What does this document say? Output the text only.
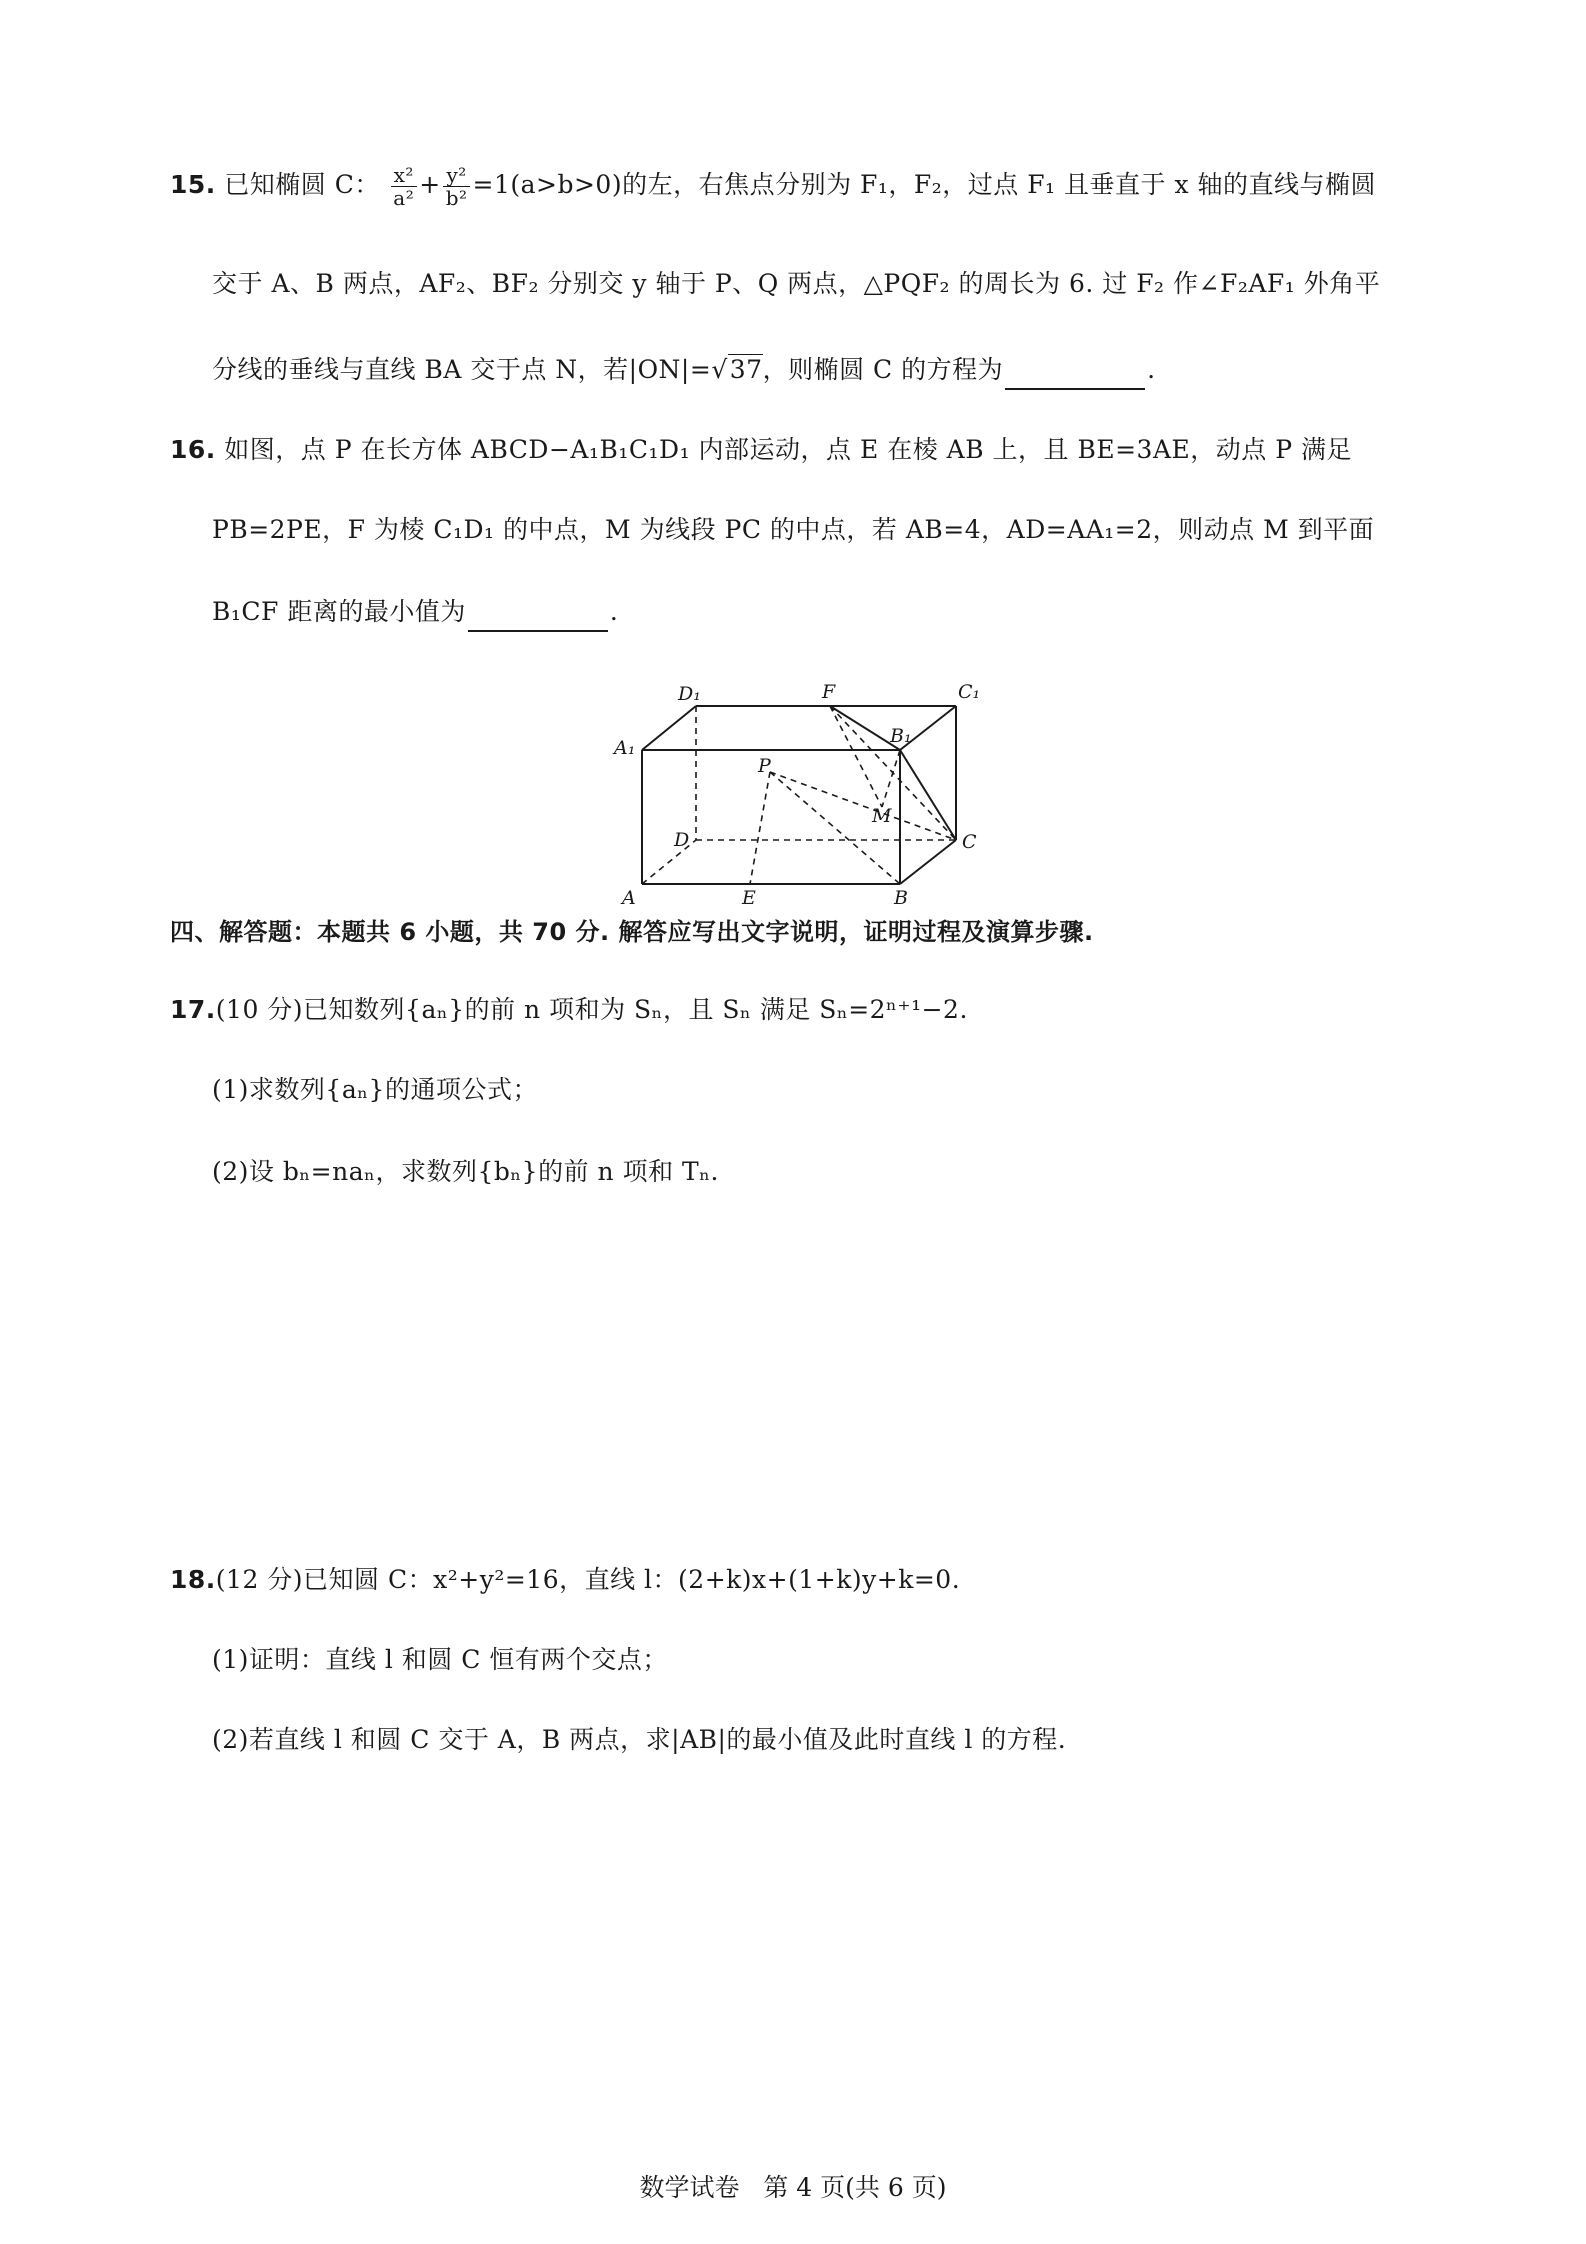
15. 已知椭圆 C： $\frac{\text{x²}}{\text{a²}} + \frac{\text{y²}}{\text{b²}} =1(a>b>0)$的左，右焦点分别为 F₁，F₂，过点 F₁ 且垂直于 x 轴的直线与椭圆
交于 A、B 两点，AF₂、BF₂ 分别交 y 轴于 P、Q 两点，△PQF₂ 的周长为 6. 过 F₂ 作∠F₂AF₁ 外角平
分线的垂线与直线 BA 交于点 N，若|ON|=√37，则椭圆 C 的方程为	.
16. 如图，点 P 在长方体 ABCD−A₁B₁C₁D₁ 内部运动，点 E 在棱 AB 上，且 BE=3AE，动点 P 满足
PB=2PE，F 为棱 C₁D₁ 的中点，M 为线段 PC 的中点，若 AB=4，AD=AA₁=2，则动点 M 到平面
B₁CF 距离的最小值为	.
D₁	F	C₁
A₁
B₁
P
M
D	C
A	E	B
四、解答题：本题共 6 小题，共 70 分. 解答应写出文字说明，证明过程及演算步骤.
17.(10 分)已知数列{aₙ}的前 n 项和为 Sₙ，且 Sₙ 满足 Sₙ=2ⁿ⁺¹−2.
(1)求数列{aₙ}的通项公式；
(2)设 bₙ=naₙ，求数列{bₙ}的前 n 项和 Tₙ.
18.(12 分)已知圆 C：x²+y²=16，直线 l：(2+k)x+(1+k)y+k=0.
(1)证明：直线 l 和圆 C 恒有两个交点；
(2)若直线 l 和圆 C 交于 A，B 两点，求|AB|的最小值及此时直线 l 的方程.
数学试卷   第 4 页(共 6 页)
